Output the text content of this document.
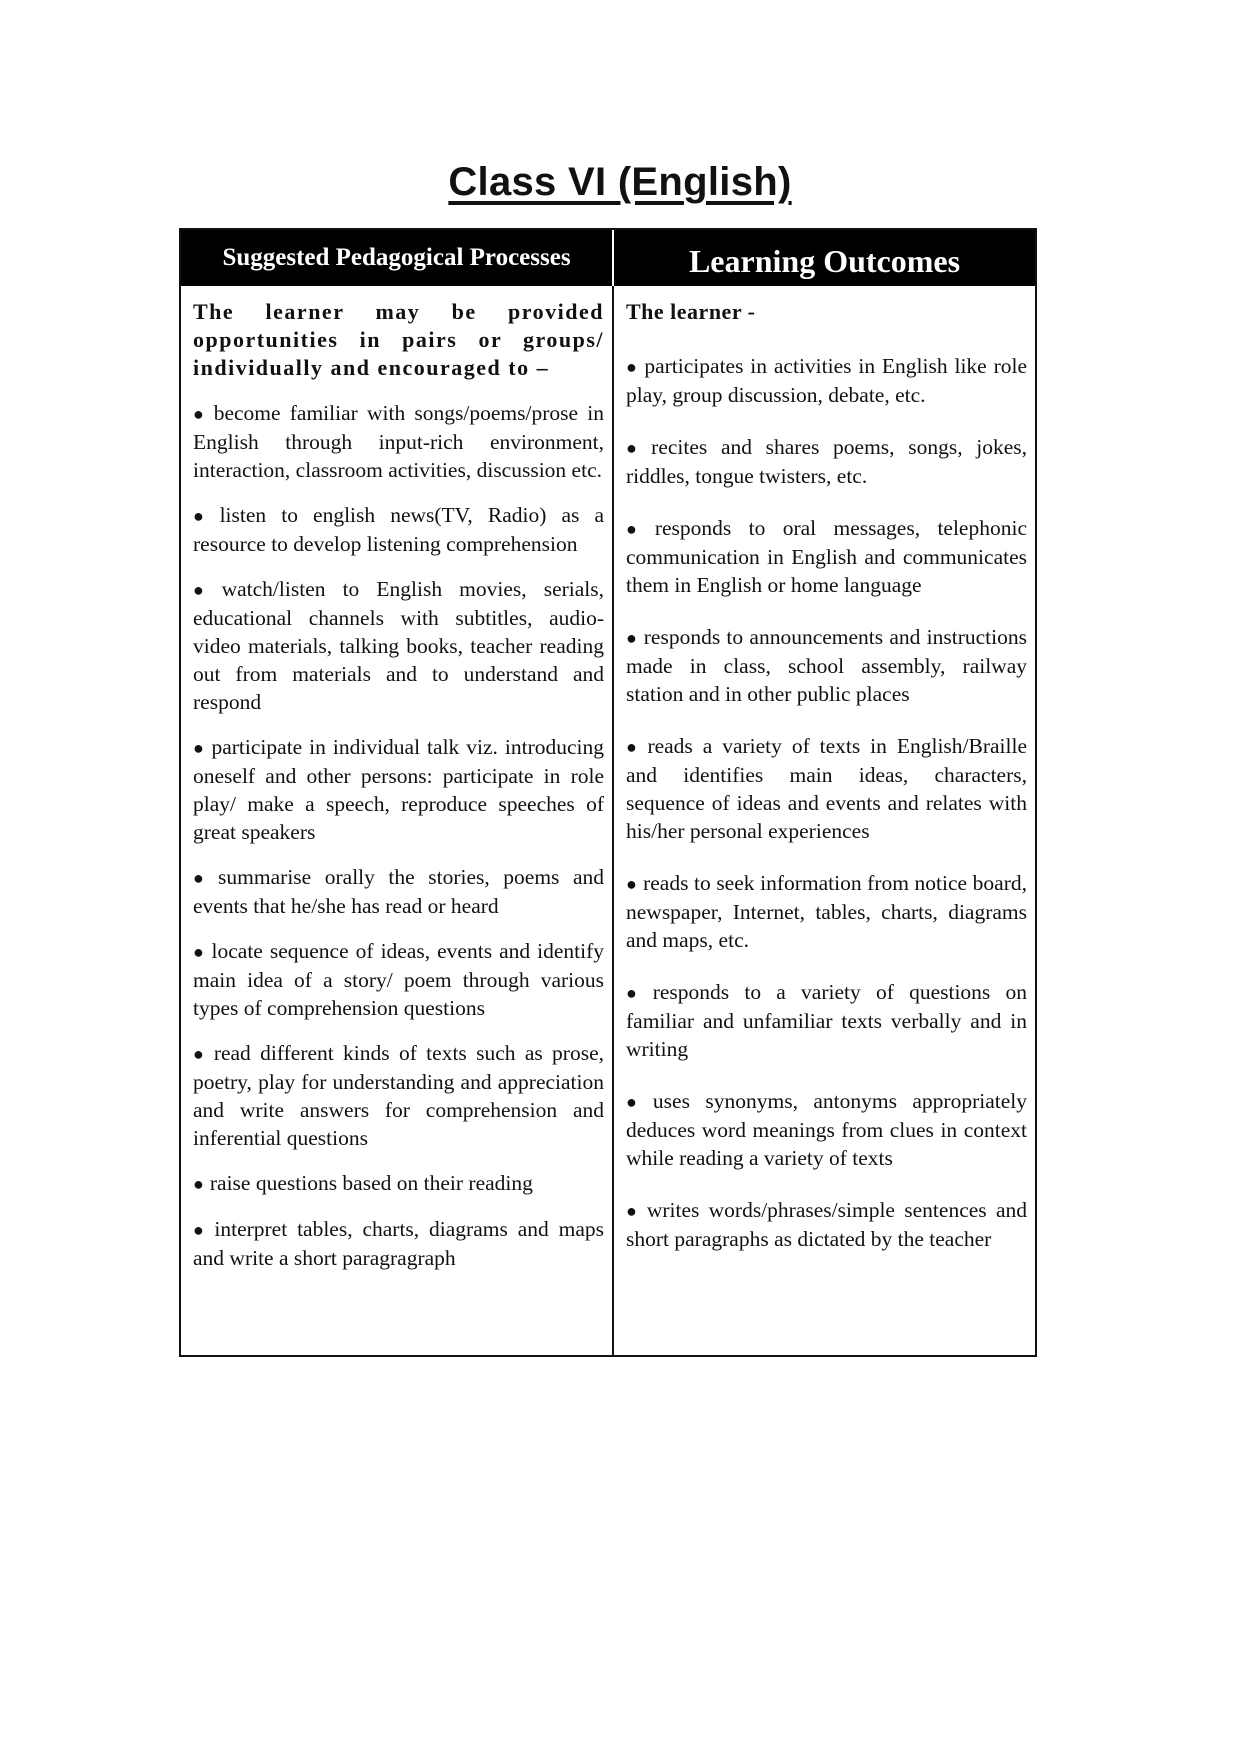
Class VI (English)
Suggested Pedagogical Processes	Learning Outcomes
The learner may be provided opportunities in pairs or groups/ individually and encouraged to –
● become familiar with songs/poems/prose in English through input-rich environment, interaction, classroom activities, discussion etc.
● listen to english news(TV, Radio) as a resource to develop listening comprehension
● watch/listen to English movies, serials, educational channels with subtitles, audio-video materials, talking books, teacher reading out from materials and to understand and respond
● participate in individual talk viz. introducing oneself and other persons: participate in role play/ make a speech, reproduce speeches of great speakers
● summarise orally the stories, poems and events that he/she has read or heard
● locate sequence of ideas, events and identify main idea of a story/ poem through various types of comprehension questions
● read different kinds of texts such as prose, poetry, play for understanding and appreciation and write answers for comprehension and inferential questions
● raise questions based on their reading
● interpret tables, charts, diagrams and maps and write a short paragragraph
The learner -
● participates in activities in English like role play, group discussion, debate, etc.
● recites and shares poems, songs, jokes, riddles, tongue twisters, etc.
● responds to oral messages, telephonic communication in English and communicates them in English or home language
● responds to announcements and instructions made in class, school assembly, railway station and in other public places
● reads a variety of texts in English/Braille and identifies main ideas, characters, sequence of ideas and events and relates with his/her personal experiences
● reads to seek information from notice board, newspaper, Internet, tables, charts, diagrams and maps, etc.
● responds to a variety of questions on familiar and unfamiliar texts verbally and in writing
● uses synonyms, antonyms appropriately deduces word meanings from clues in context while reading a variety of texts
● writes words/phrases/simple sentences and short paragraphs as dictated by the teacher
